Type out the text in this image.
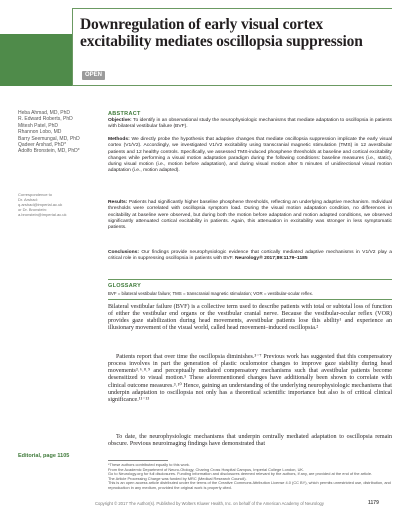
Downregulation of early visual cortex excitability mediates oscillopsia suppression
OPEN
Heba Ahmad, MD, PhD
R. Edward Roberts, PhD
Mitesh Patel, PhD
Rhannon Lobo, MD
Barry Seemungal, MD, PhD
Qadeer Arshad, PhD*
Adolfo Bronstein, MD, PhD*
Correspondence to
Dr. Arshad:
q.arshad@imperial.ac.uk
or Dr. Bronstein:
a.bronstein@imperial.ac.uk
Editorial, page 1105
ABSTRACT
Objective: To identify in an observational study the neurophysiologic mechanisms that mediate adaptation to oscillopsia in patients with bilateral vestibular failure (BVF).
Methods: We directly probe the hypothesis that adaptive changes that mediate oscillopsia suppression implicate the early visual cortex (V1/V2). Accordingly, we investigated V1/V2 excitability using transcranial magnetic stimulation (TMS) in 12 avestibular patients and 12 healthy controls. Specifically, we assessed TMS-induced phosphene thresholds at baseline and cortical excitability changes while performing a visual motion adaptation paradigm during the following conditions: baseline measures (i.e., static), during visual motion (i.e., motion before adaptation), and during visual motion after 5 minutes of unidirectional visual motion adaptation (i.e., motion adapted).
Results: Patients had significantly higher baseline phosphene thresholds, reflecting an underlying adaptive mechanism. Individual thresholds were correlated with oscillopsia symptom load. During the visual motion adaptation condition, no differences in excitability at baseline were observed, but during both the motion before adaptation and motion adapted conditions, we observed significantly attenuated cortical excitability in patients. Again, this attenuation in excitability was stronger in less symptomatic patients.
Conclusions: Our findings provide neurophysiologic evidence that cortically mediated adaptive mechanisms in V1/V2 play a critical role in suppressing oscillopsia in patients with BVF. Neurology® 2017;89:1179–1185
GLOSSARY
BVF = bilateral vestibular failure; TMS = transcranial magnetic stimulation; VOR = vestibular-ocular reflex.
Bilateral vestibular failure (BVF) is a collective term used to describe patients with total or subtotal loss of function of either the vestibular end organs or the vestibular cranial nerve. Because the vestibular-ocular reflex (VOR) provides gaze stabilization during head movements, avestibular patients lose this ability¹ and experience an illusionary movement of the visual world, called head movement–induced oscillopsia.²
Patients report that over time the oscillopsia diminishes.³⁻⁷ Previous work has suggested that this compensatory process involves in part the generation of plastic oculomotor changes to improve gaze stability during head movements³˒⁶˒⁸˒⁹ and perceptually mediated compensatory mechanisms such that avestibular patients become desensitized to visual motion.⁵ These aforementioned changes have additionally been shown to correlate with clinical outcome measures.³˒¹⁰ Hence, gaining an understanding of the underlying neurophysiologic mechanisms that underpin adaptation to oscillopsia not only has a theoretical scientific importance but also is of critical clinical significance.¹¹⁻¹³
To date, the neurophysiologic mechanisms that underpin centrally mediated adaptation to oscillopsia remain obscure. Previous neuroimaging findings have demonstrated that
*These authors contributed equally to this work.
From the Academic Department of Neuro-Otology, Charing Cross Hospital Campus, Imperial College London, UK.
Go to Neurology.org for full disclosures. Funding information and disclosures deemed relevant by the authors, if any, are provided at the end of the article.
The Article Processing Charge was funded by MRC (Medical Research Council).
This is an open access article distributed under the terms of the Creative Commons Attribution License 4.0 (CC BY), which permits unrestricted use, distribution, and reproduction in any medium, provided the original work is properly cited.
Copyright © 2017 The Author(s). Published by Wolters Kluwer Health, Inc. on behalf of the American Academy of Neurology	1179
